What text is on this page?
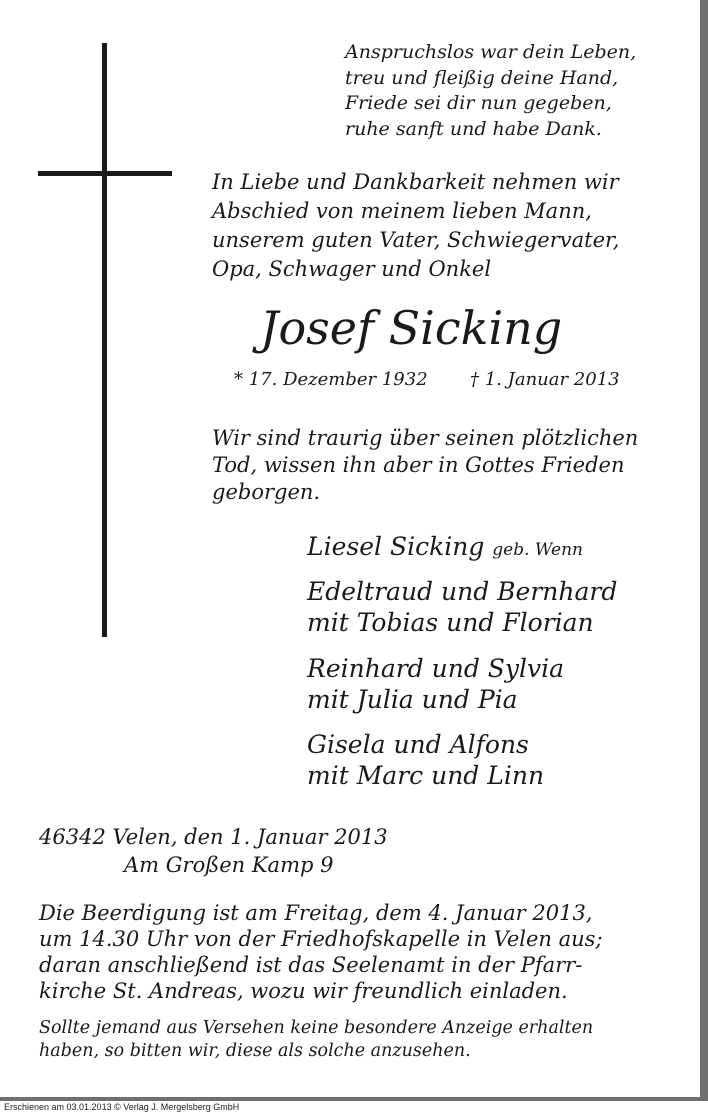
Anspruchslos war dein Leben,
treu und fleißig deine Hand,
Friede sei dir nun gegeben,
ruhe sanft und habe Dank.
In Liebe und Dankbarkeit nehmen wir
Abschied von meinem lieben Mann,
unserem guten Vater, Schwiegervater,
Opa, Schwager und Onkel
Josef Sicking
* 17. Dezember 1932 † 1. Januar 2013
Wir sind traurig über seinen plötzlichen
Tod, wissen ihn aber in Gottes Frieden
geborgen.
Liesel Sicking geb. Wenn
Edeltraud und Bernhard
mit Tobias und Florian
Reinhard und Sylvia
mit Julia und Pia
Gisela und Alfons
mit Marc und Linn
46342 Velen, den 1. Januar 2013
Am Großen Kamp 9
Die Beerdigung ist am Freitag, dem 4. Januar 2013,
um 14.30 Uhr von der Friedhofskapelle in Velen aus;
daran anschließend ist das Seelenamt in der Pfarr-
kirche St. Andreas, wozu wir freundlich einladen.
Sollte jemand aus Versehen keine besondere Anzeige erhalten
haben, so bitten wir, diese als solche anzusehen.
Erschienen am 03.01.2013 © Verlag J. Mergelsberg GmbH
